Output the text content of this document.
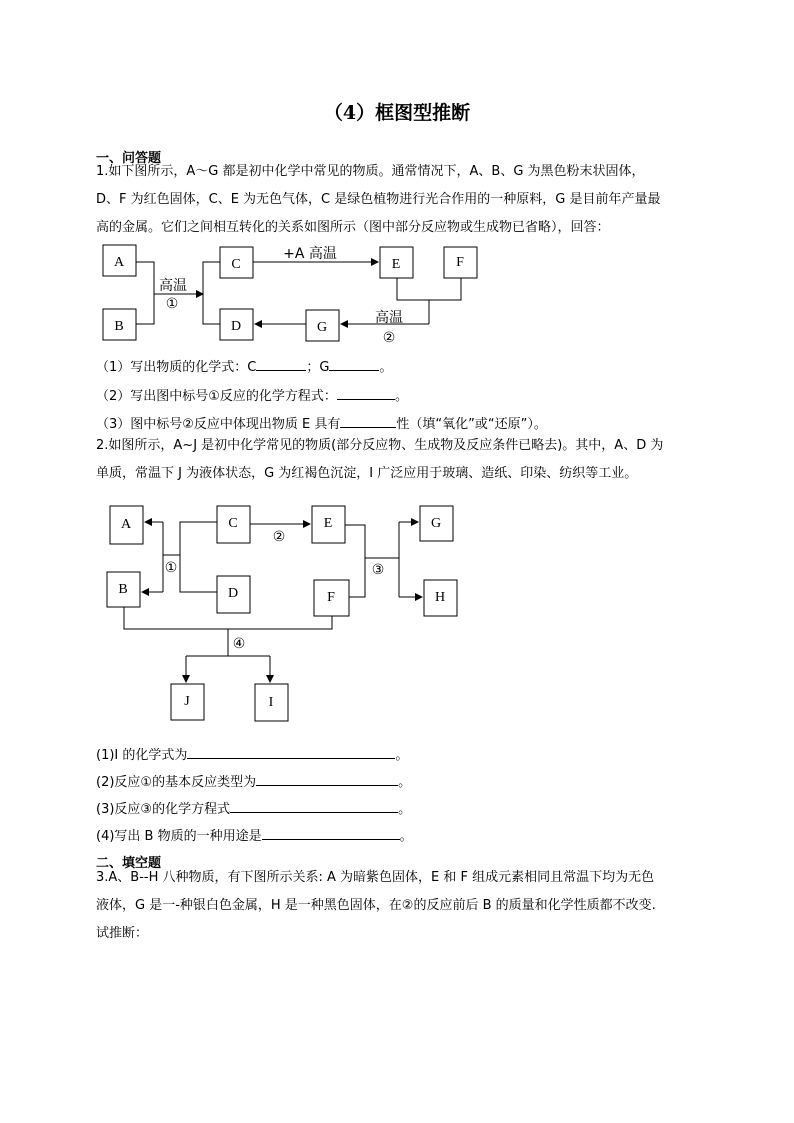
（4）框图型推断
一、问答题
1.如下图所示，A～G 都是初中化学中常见的物质。通常情况下，A、B、G 为黑色粉末状固体，
D、F 为红色固体，C、E 为无色气体，C 是绿色植物进行光合作用的一种原料，G 是目前年产量最
高的金属。它们之间相互转化的关系如图所示（图中部分反应物或生成物已省略），回答：
A
B
C
D
E	F
G
高温
①
+A 高温
高温
②
（1）写出物质的化学式：C	；G	。
（2）写出图中标号①反应的化学方程式：	。
（3）图中标号②反应中体现出物质 E 具有	性（填“氧化”或“还原”）。
2.如图所示，A~J 是初中化学常见的物质(部分反应物、生成物及反应条件已略去)。其中，A、D 为
单质，常温下 J 为液体状态，G 为红褐色沉淀，I 广泛应用于玻璃、造纸、印染、纺织等工业。
A
B
C
D
E
F
G
H
J	I
①
②
③
④
(1)I 的化学式为	。
(2)反应①的基本反应类型为	。
(3)反应③的化学方程式	。
(4)写出 B 物质的一种用途是	。
二、填空题
3.A、B--H 八种物质，有下图所示关系: A 为暗紫色固体，E 和 F 组成元素相同且常温下均为无色
液体，G 是一-种银白色金属，H 是一种黑色固体，在②的反应前后 B 的质量和化学性质都不改变.
试推断：
